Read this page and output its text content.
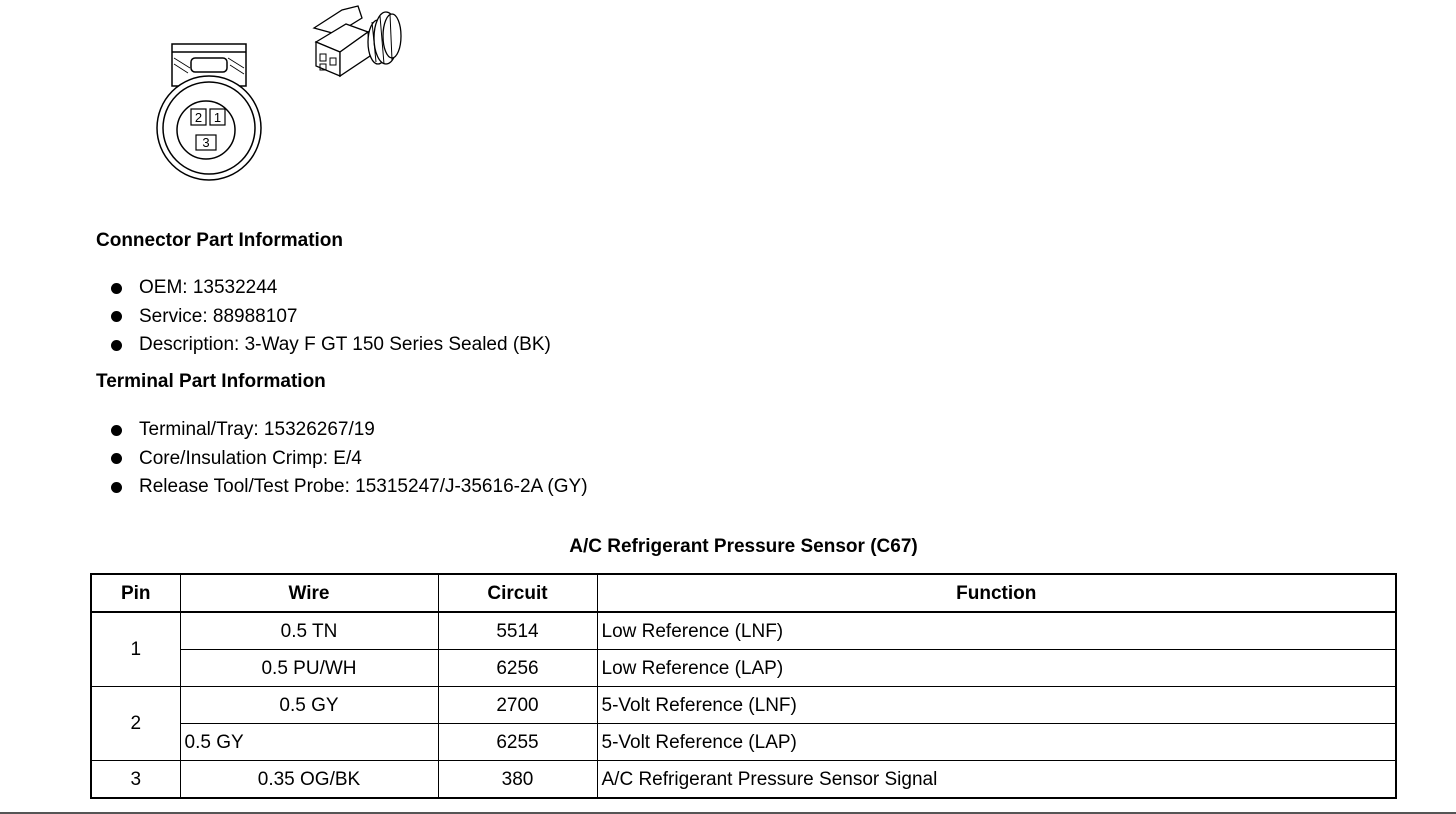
2 1
3
Connector Part Information
OEM: 13532244
Service: 88988107
Description: 3-Way F GT 150 Series Sealed (BK)
Terminal Part Information
Terminal/Tray: 15326267/19
Core/Insulation Crimp: E/4
Release Tool/Test Probe: 15315247/J-35616-2A (GY)
A/C Refrigerant Pressure Sensor (C67)
Pin	Wire	Circuit	Function
1	0.5 TN	5514	Low Reference (LNF)
	0.5 PU/WH	6256	Low Reference (LAP)
2	0.5 GY	2700	5-Volt Reference (LNF)
	0.5 GY	6255	5-Volt Reference (LAP)
3	0.35 OG/BK	380	A/C Refrigerant Pressure Sensor Signal
